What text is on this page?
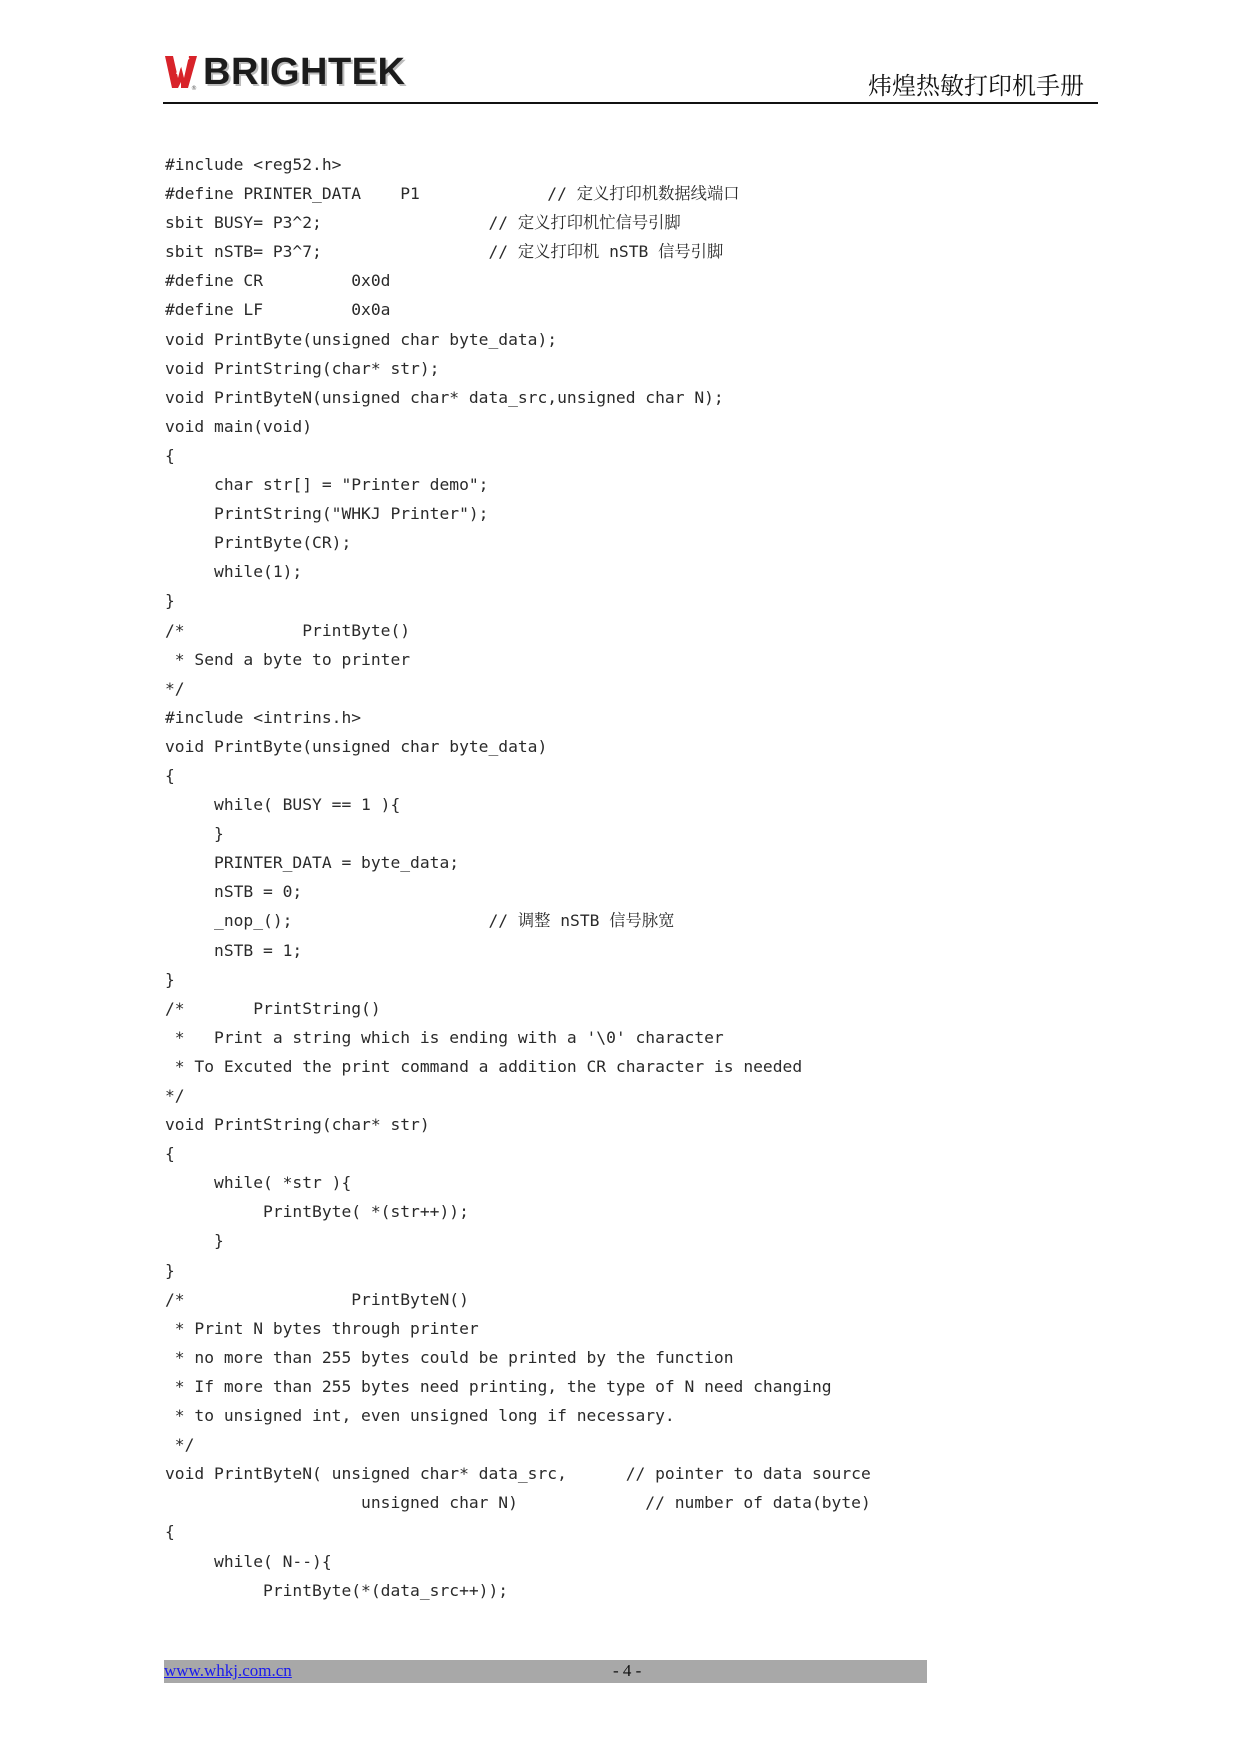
® BRIGHTEK	炜煌热敏打印机手册
#include <reg52.h>
#define PRINTER_DATA    P1             // 定义打印机数据线端口
sbit BUSY= P3^2;                 // 定义打印机忙信号引脚
sbit nSTB= P3^7;                 // 定义打印机 nSTB 信号引脚
#define CR         0x0d
#define LF         0x0a
void PrintByte(unsigned char byte_data);
void PrintString(char* str);
void PrintByteN(unsigned char* data_src,unsigned char N);
void main(void)
{
char str[] = "Printer demo";
PrintString("WHKJ Printer");
PrintByte(CR);
while(1);
}
/*            PrintByte()
* Send a byte to printer
*/
#include <intrins.h>
void PrintByte(unsigned char byte_data)
{
while( BUSY == 1 ){
}
PRINTER_DATA = byte_data;
nSTB = 0;
_nop_();                    // 调整 nSTB 信号脉宽
nSTB = 1;
}
/*       PrintString()
*   Print a string which is ending with a '\0' character
* To Excuted the print command a addition CR character is needed
*/
void PrintString(char* str)
{
while( *str ){
PrintByte( *(str++));
}
}
/*                 PrintByteN()
* Print N bytes through printer
* no more than 255 bytes could be printed by the function
* If more than 255 bytes need printing, the type of N need changing
* to unsigned int, even unsigned long if necessary.
*/
void PrintByteN( unsigned char* data_src,      // pointer to data source
unsigned char N)             // number of data(byte)
{
while( N--){
PrintByte(*(data_src++));
www.whkj.com.cn	- 4 -
